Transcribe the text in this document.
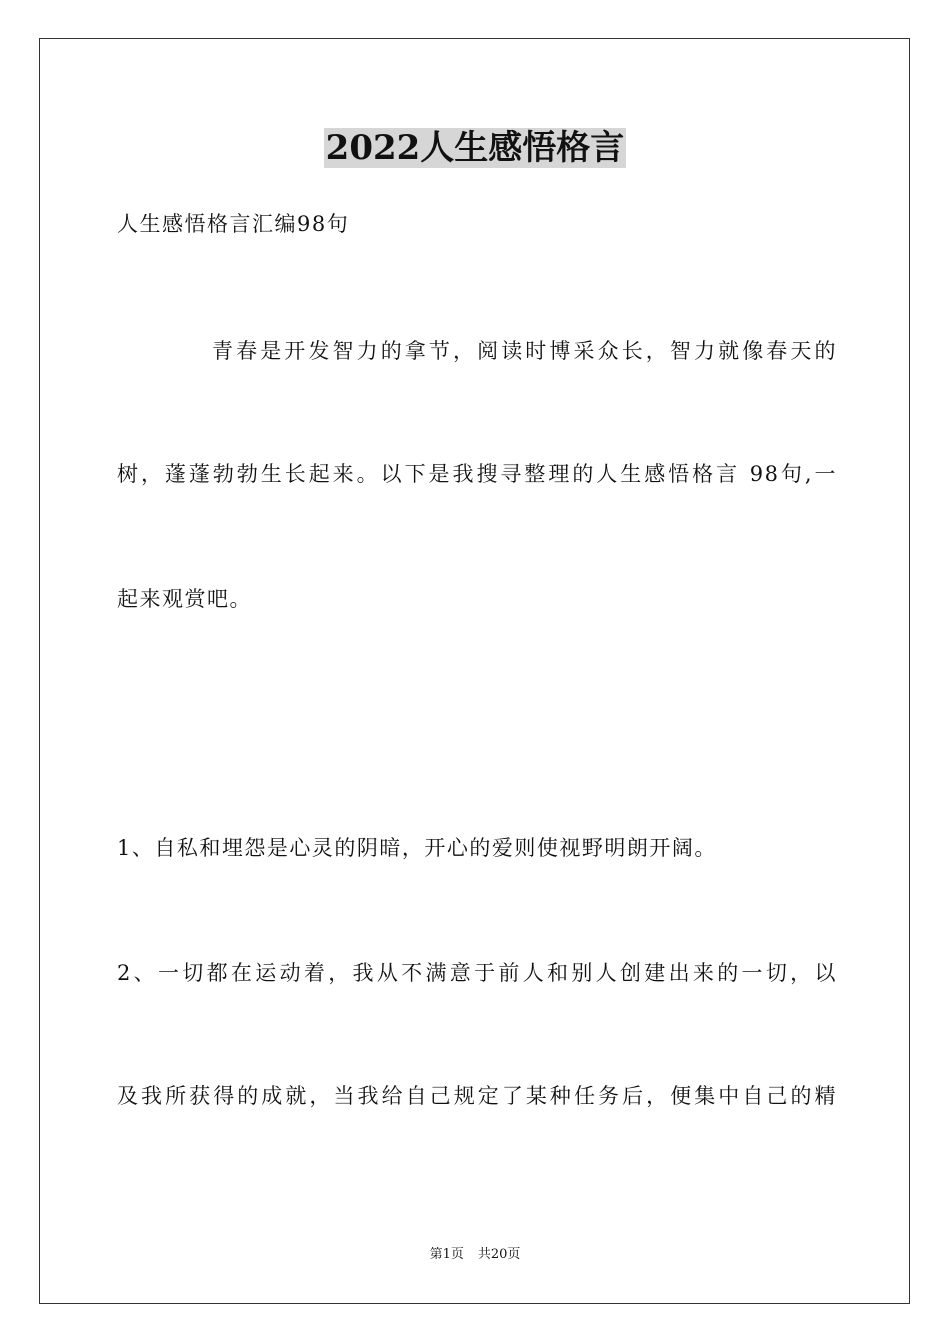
2022人生感悟格言
人生感悟格言汇编98句
青春是开发智力的拿节，阅读时博采众长，智力就像春天的
树，蓬蓬勃勃生长起来。以下是我搜寻整理的人生感悟格言 98句,一
起来观赏吧。
1、自私和埋怨是心灵的阴暗，开心的爱则使视野明朗开阔。
2、一切都在运动着，我从不满意于前人和别人创建出来的一切，以
及我所获得的成就，当我给自己规定了某种任务后，便集中自己的精
第1页 共20页
